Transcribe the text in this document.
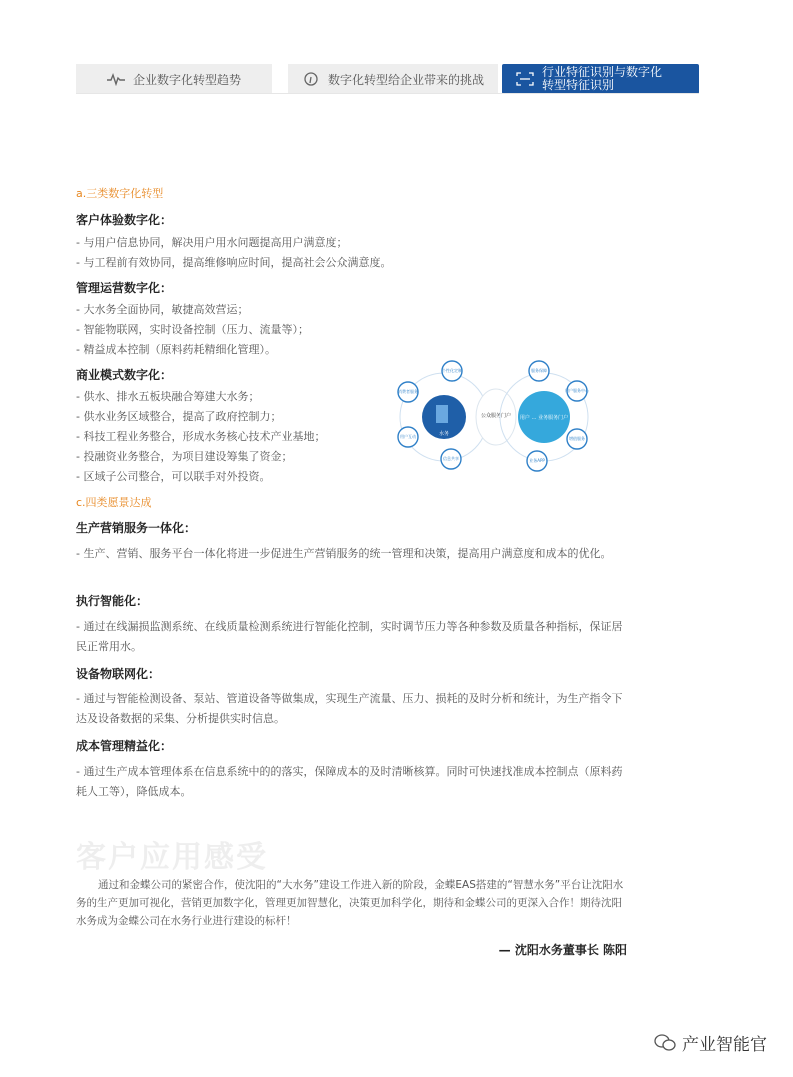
企业数字化转型趋势	数字化转型给企业带来的挑战
行业特征识别与数字化
转型特征识别
a.三类数字化转型
客户体验数字化：
- 与用户信息协同，解决用户用水问题提高用户满意度；
- 与工程前有效协同，提高维修响应时间，提高社会公众满意度。
管理运营数字化：
- 大水务全面协同，敏捷高效营运；
- 智能物联网，实时设备控制（压力、流量等）；
- 精益成本控制（原料药耗精细化管理）。
商业模式数字化：
- 供水、排水五板块融合筹建大水务；
- 供水业务区域整合，提高了政府控制力；
- 科技工程业务整合，形成水务核心技术产业基地；
- 投融资业务整合，为项目建设筹集了资金；
- 区域子公司整合，可以联手对外投资。
水务
个性化定制
消费者服务
用户互动
信息共享
公众服务门户 用户 … 业务服务门户
服务保障
用户服务中心
增值服务
业务APP
c.四类愿景达成
生产营销服务一体化：
- 生产、营销、服务平台一体化将进一步促进生产营销服务的统一管理和决策，提高用户满意度和成本的优化。
执行智能化：
- 通过在线漏损监测系统、在线质量检测系统进行智能化控制，实时调节压力等各种参数及质量各种指标，保证居民正常用水。
设备物联网化：
- 通过与智能检测设备、泵站、管道设备等做集成，实现生产流量、压力、损耗的及时分析和统计，为生产指令下达及设备数据的采集、分析提供实时信息。
成本管理精益化：
- 通过生产成本管理体系在信息系统中的的落实，保障成本的及时清晰核算。同时可快速找准成本控制点（原料药耗人工等），降低成本。
客户应用感受
通过和金蝶公司的紧密合作，使沈阳的“大水务”建设工作进入新的阶段，金蝶EAS搭建的“智慧水务”平台让沈阳水务的生产更加可视化，营销更加数字化，管理更加智慧化，决策更加科学化，期待和金蝶公司的更深入合作！期待沈阳水务成为金蝶公司在水务行业进行建设的标杆！
— 沈阳水务董事长 陈阳
产业智能官
